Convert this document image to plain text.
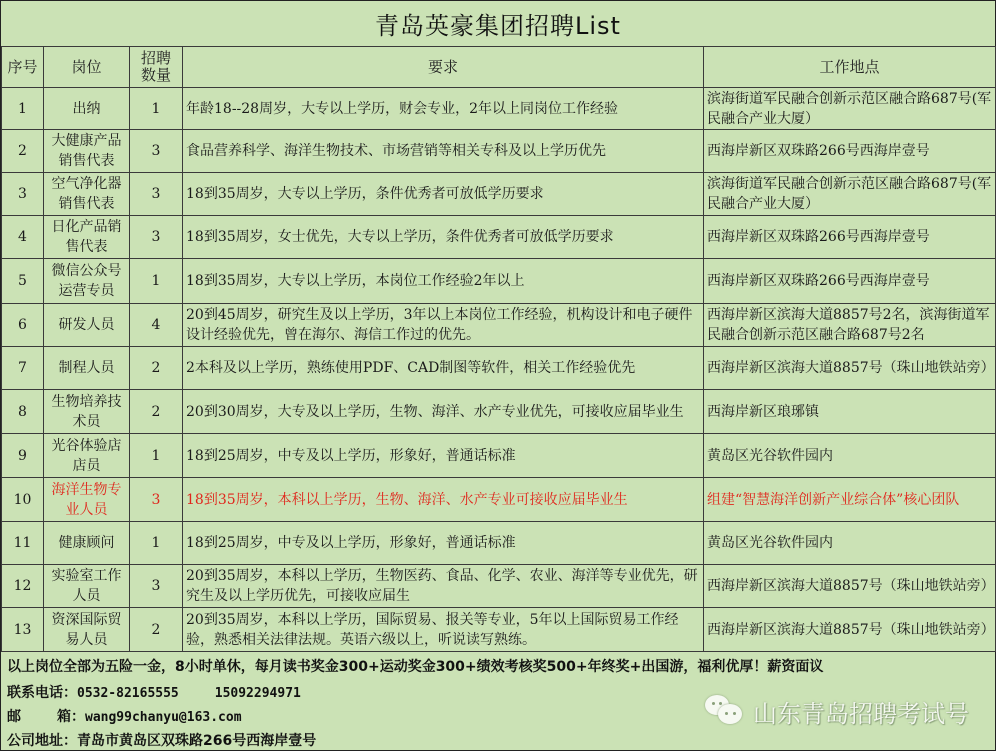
青岛英豪集团招聘List
序号	岗位	招聘数量	要求	工作地点
1	出纳	1	年龄18--28周岁，大专以上学历，财会专业，2年以上同岗位工作经验	滨海街道军民融合创新示范区融合路687号(军民融合产业大厦）
2	大健康产品销售代表	3	食品营养科学、海洋生物技术、市场营销等相关专科及以上学历优先	西海岸新区双珠路266号西海岸壹号
3	空气净化器销售代表	3	18到35周岁，大专以上学历，条件优秀者可放低学历要求	滨海街道军民融合创新示范区融合路687号(军民融合产业大厦）
4	日化产品销售代表	3	18到35周岁，女士优先，大专以上学历，条件优秀者可放低学历要求	西海岸新区双珠路266号西海岸壹号
5	微信公众号运营专员	1	18到35周岁，大专以上学历，本岗位工作经验2年以上	西海岸新区双珠路266号西海岸壹号
6	研发人员	4	20到45周岁，研究生及以上学历，3年以上本岗位工作经验，机构设计和电子硬件设计经验优先，曾在海尔、海信工作过的优先。	西海岸新区滨海大道8857号2名，滨海街道军民融合创新示范区融合路687号2名
7	制程人员	2	2本科及以上学历，熟练使用PDF、CAD制图等软件，相关工作经验优先	西海岸新区滨海大道8857号（珠山地铁站旁）
8	生物培养技术员	2	20到30周岁，大专及以上学历，生物、海洋、水产专业优先，可接收应届毕业生	西海岸新区琅琊镇
9	光谷体验店店员	1	18到25周岁，中专及以上学历，形象好，普通话标准	黄岛区光谷软件园内
10	海洋生物专业人员	3	18到35周岁，本科以上学历，生物、海洋、水产专业可接收应届毕业生	组建“智慧海洋创新产业综合体”核心团队
11	健康顾问	1	18到25周岁，中专及以上学历，形象好，普通话标准	黄岛区光谷软件园内
12	实验室工作人员	3	20到35周岁，本科以上学历，生物医药、食品、化学、农业、海洋等专业优先，研究生及以上学历优先，可接收应届生	西海岸新区滨海大道8857号（珠山地铁站旁）
13	资深国际贸易人员	2	20到35周岁，本科以上学历，国际贸易、报关等专业，5年以上国际贸易工作经验，熟悉相关法律法规。英语六级以上，听说读写熟练。	西海岸新区滨海大道8857号（珠山地铁站旁）
以上岗位全部为五险一金，8小时单休，每月读书奖金300+运动奖金300+绩效考核奖500+年终奖+出国游，福利优厚！薪资面议
联系电话：0532-82165555	15092294971
邮	箱：wang99chanyu@163.com
公司地址：青岛市黄岛区双珠路266号西海岸壹号
山东青岛招聘考试号
